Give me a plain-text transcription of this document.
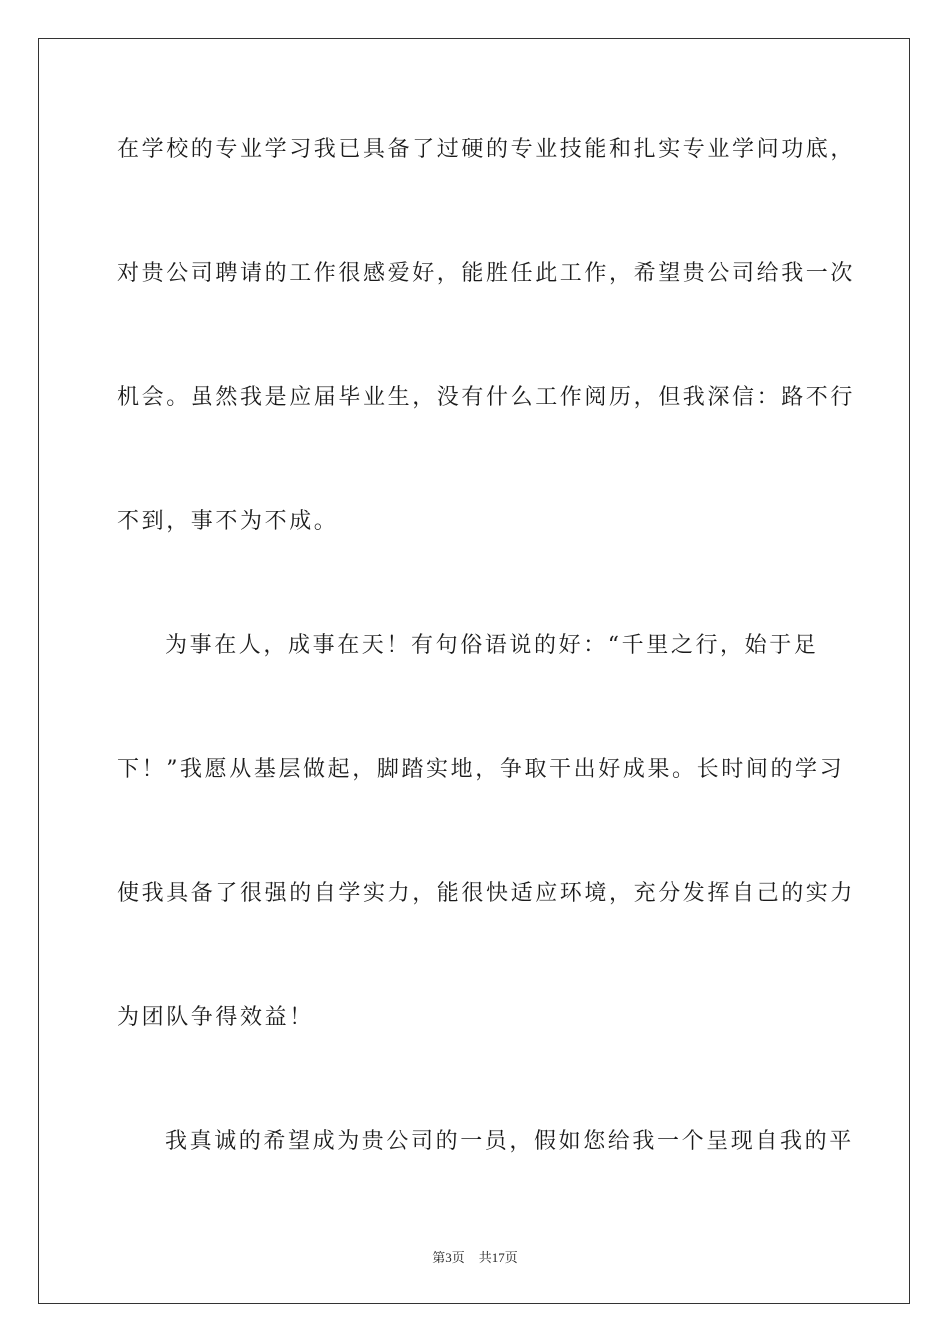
在学校的专业学习我已具备了过硬的专业技能和扎实专业学问功底，
对贵公司聘请的工作很感爱好，能胜任此工作，希望贵公司给我一次
机会。虽然我是应届毕业生，没有什么工作阅历，但我深信：路不行
不到，事不为不成。
为事在人，成事在天！有句俗语说的好：“千里之行，始于足
下！”我愿从基层做起，脚踏实地，争取干出好成果。长时间的学习
使我具备了很强的自学实力，能很快适应环境，充分发挥自己的实力
为团队争得效益！
我真诚的希望成为贵公司的一员，假如您给我一个呈现自我的平
第3页 共17页
